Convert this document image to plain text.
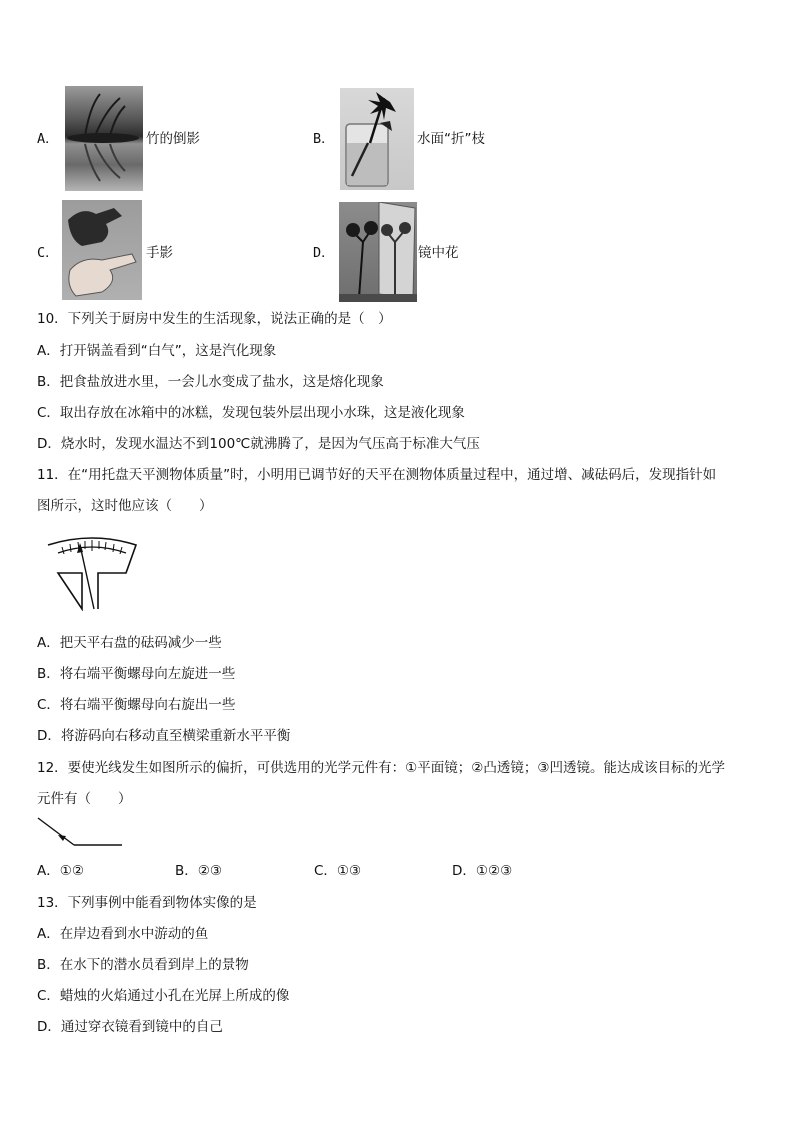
A．	竹的倒影	B．	水面“折”枝
C．	手影	D．	镜中花
10．下列关于厨房中发生的生活现象，说法正确的是（　）
A．打开锅盖看到“白气”，这是汽化现象
B．把食盐放进水里，一会儿水变成了盐水，这是熔化现象
C．取出存放在冰箱中的冰糕，发现包装外层出现小水珠，这是液化现象
D．烧水时，发现水温达不到100℃就沸腾了，是因为气压高于标准大气压
11．在“用托盘天平测物体质量”时，小明用已调节好的天平在测物体质量过程中，通过增、减砝码后，发现指针如
图所示，这时他应该（　　）
A．把天平右盘的砝码减少一些
B．将右端平衡螺母向左旋进一些
C．将右端平衡螺母向右旋出一些
D．将游码向右移动直至横梁重新水平平衡
12．要使光线发生如图所示的偏折，可供选用的光学元件有：①平面镜；②凸透镜；③凹透镜。能达成该目标的光学
元件有（　　）
A．①②	B．②③	C．①③	D．①②③
13．下列事例中能看到物体实像的是
A．在岸边看到水中游动的鱼
B．在水下的潜水员看到岸上的景物
C．蜡烛的火焰通过小孔在光屏上所成的像
D．通过穿衣镜看到镜中的自己
